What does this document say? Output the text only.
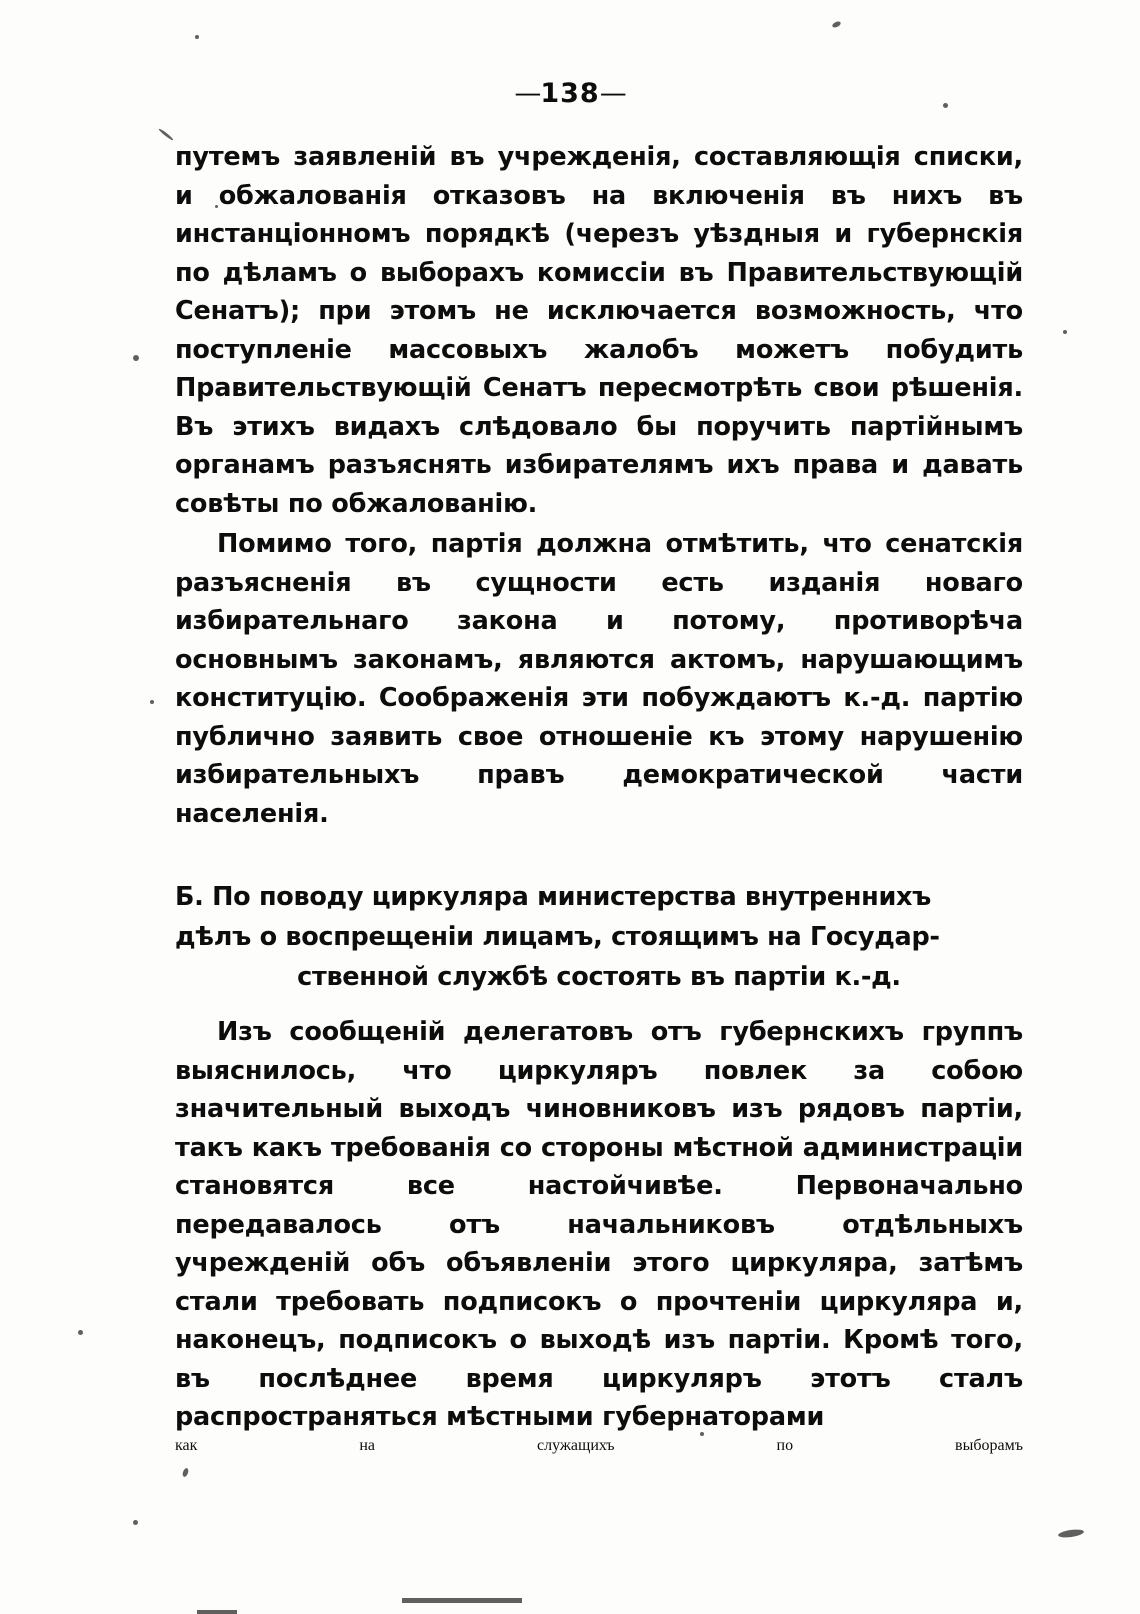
—138—

путемъ заявленій въ учрежденія, составляющія списки, и обжалованія отказовъ на включенія въ нихъ въ инстанціонномъ порядкѣ (черезъ уѣздныя и губернскія по дѣламъ о выборахъ комиссіи въ Правительствующій Сенатъ); при этомъ не исключается возможность, что поступленіе массовыхъ жалобъ можетъ побудить Правительствующій Сенатъ пересмотрѣть свои рѣшенія. Въ этихъ видахъ слѣдовало бы поручить партійнымъ органамъ разъяснять избирателямъ ихъ права и давать совѣты по обжалованію.

Помимо того, партія должна отмѣтить, что сенатскія разъясненія въ сущности есть изданія новаго избирательнаго закона и потому, противорѣча основнымъ законамъ, являются актомъ, нарушающимъ конституцію. Соображенія эти побуждаютъ к.-д. партію публично заявить свое отношеніе къ этому нарушенію избирательныхъ правъ демократической части населенія.

Б. По поводу циркуляра министерства внутреннихъ
дѣлъ о воспрещеніи лицамъ, стоящимъ на Государ-
ственной службѣ состоять въ партіи к.-д.

Изъ сообщеній делегатовъ отъ губернскихъ группъ выяснилось, что циркуляръ повлек за собою значительный выходъ чиновниковъ изъ рядовъ партіи, такъ какъ требованія со стороны мѣстной администраціи становятся все настойчивѣе. Первоначально передавалось отъ начальниковъ отдѣльныхъ учрежденій объ объявленіи этого циркуляра, затѣмъ стали требовать подписокъ о прочтеніи циркуляра и, наконецъ, подписокъ о выходѣ изъ партіи. Кромѣ того, въ послѣднее время циркуляръ этотъ сталъ распространяться мѣстными губернаторами

как	на	служащихъ	по	выборамъ
